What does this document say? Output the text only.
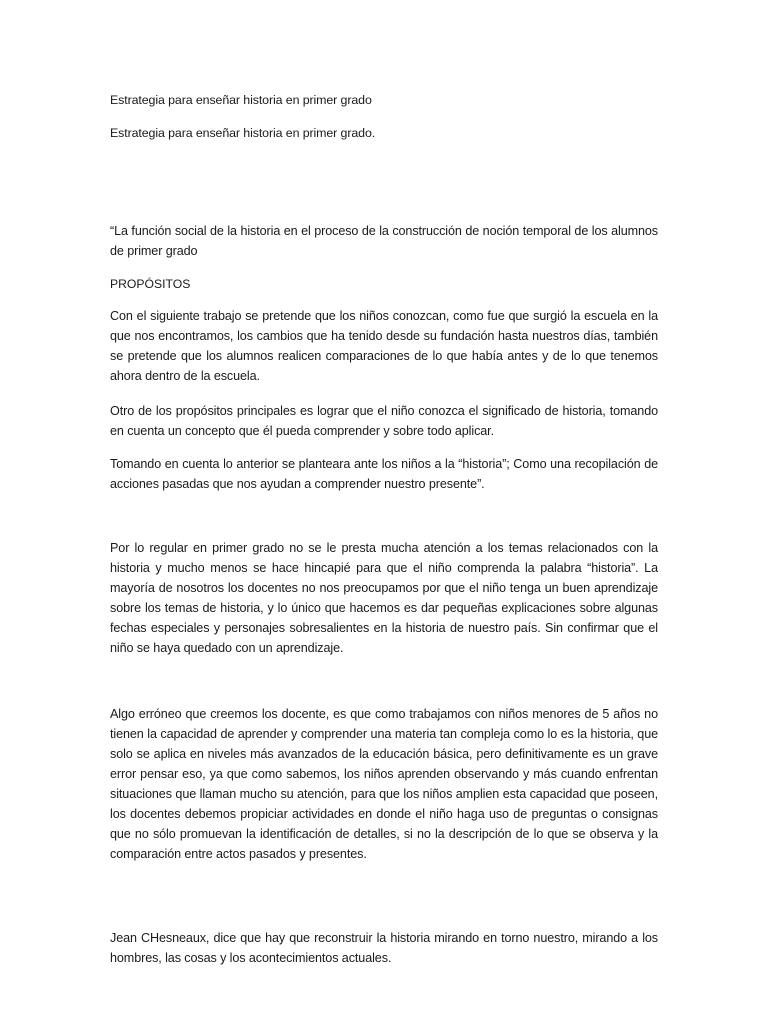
Estrategia para enseñar historia en primer grado

Estrategia para enseñar historia en primer grado.

“La función social de la historia en el proceso de la construcción de noción temporal de los alumnos de primer grado

PROPÓSITOS

Con el siguiente trabajo se pretende que los niños conozcan, como fue que surgió la escuela en la que nos encontramos, los cambios que ha tenido desde su fundación hasta nuestros días, también se pretende que los alumnos realicen comparaciones de lo que había antes y de lo que tenemos ahora dentro de la escuela.

Otro de los propósitos principales es lograr que el niño conozca el significado de historia, tomando en cuenta un concepto que él pueda comprender y sobre todo aplicar.

Tomando en cuenta lo anterior se planteara ante los niños a la “historia”; Como una recopilación de acciones pasadas que nos ayudan a comprender nuestro presente”.

Por lo regular en primer grado no se le presta mucha atención a los temas relacionados con la historia y mucho menos se hace hincapié para que el niño comprenda la palabra “historia”. La mayoría de nosotros los docentes no nos preocupamos por que el niño tenga un buen aprendizaje sobre los temas de historia, y lo único que hacemos es dar pequeñas explicaciones sobre algunas fechas especiales y personajes sobresalientes en la historia de nuestro país. Sin confirmar que el niño se haya quedado con un aprendizaje.

Algo erróneo que creemos los docente, es que como trabajamos con niños menores de 5 años no tienen la capacidad de aprender y comprender una materia tan compleja como lo es la historia, que solo se aplica en niveles más avanzados de la educación básica, pero definitivamente es un grave error pensar eso, ya que como sabemos, los niños aprenden observando y más cuando enfrentan situaciones que llaman mucho su atención, para que los niños amplien esta capacidad que poseen, los docentes debemos propiciar actividades en donde el niño haga uso de preguntas o consignas que no sólo promuevan la identificación de detalles, si no la descripción de lo que se observa y la comparación entre actos pasados y presentes.

Jean CHesneaux, dice que hay que reconstruir la historia mirando en torno nuestro, mirando a los hombres, las cosas y los acontecimientos actuales.
